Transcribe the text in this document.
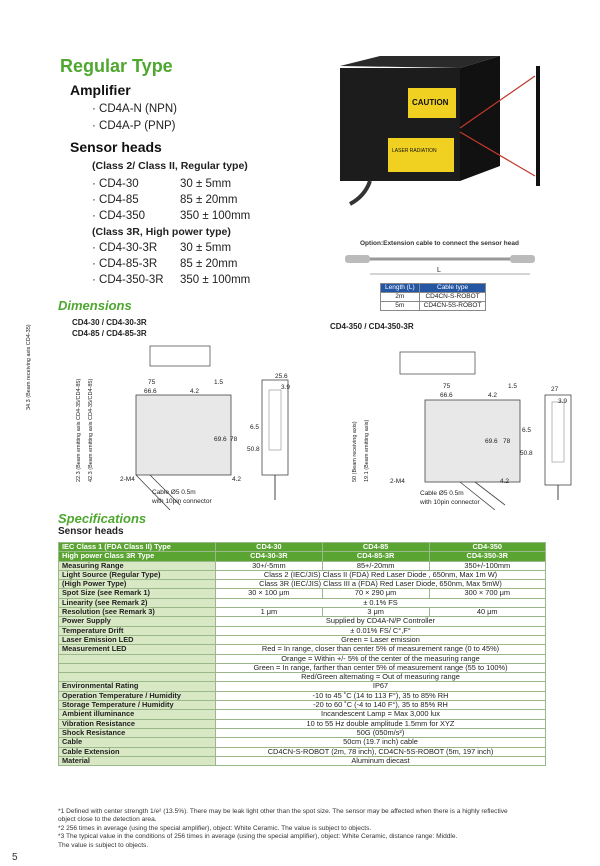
Regular Type
Amplifier
· CD4A-N (NPN)
· CD4A-P (PNP)
Sensor heads
(Class 2/ Class II, Regular type)
· CD4-30	30 ± 5mm
· CD4-85	85 ± 20mm
· CD4-350	350 ± 100mm
(Class 3R, High power type)
· CD4-30-3R 30 ± 5mm
· CD4-85-3R 85 ± 20mm
· CD4-350-3R 350 ± 100mm
CAUTION
LASER RADIATION
Option:Extension cable to connect the sensor head
L
Length (L)	Cable type
2m	CD4CN-S-ROBOT
5m	CD4CN-5S-ROBOT
Dimensions
CD4-30 / CD4-30-3R
CD4-85 / CD4-85-3R
CD4-350 / CD4-350-3R
75
66.6	4.2
1.5
25.6
3.9
6.5
69.6 78
50.8
2-M4	4.2
34.3 (Beam receiving axis CD4-35)
22.3 (Beam emitting axis CD4-35/CD4-85) 42.3 (Beam emitting axis CD4-35/CD4-85)
Cable Ø5 0.5m
with 10pin connector
75
66.6	4.2
1.5	27
3.9
6.5
69.6 78
50.8
2-M4	4.2
50 (Beam receiving axis) 19.1 (Beam emitting axis)
Cable Ø5 0.5m
with 10pin connector
Specifications
Sensor heads
IEC Class 1 (FDA Class II) Type	CD4-30	CD4-85	CD4-350
High power Class 3R Type	CD4-30-3R	CD4-85-3R	CD4-350-3R
Measuring Range	30+/-5mm	85+/-20mm	350+/-100mm
Light Source (Regular Type)	Class 2 (IEC/JIS) Class II (FDA) Red Laser Diode , 650nm, Max 1m W)		
(High Power Type)	Class 3R (IEC/JIS) Class III a (FDA) Red Laser Diode, 650nm, Max 5mW)		
Spot Size (see Remark 1)	30 × 100 μm	70 × 290 μm	300 × 700 μm
Linearity (see Remark 2)	± 0.1% FS		
Resolution (see Remark 3)	1 μm	3 μm	40 μm
Power Supply	Supplied by CD4A-N/P Controller		
Temperature Drift	± 0.01% FS/ C°,F°		
Laser Emission LED	Green = Laser emission		
Measurement LED	Red = In range, closer than center 5% of measurement range (0 to 45%)		
	Orange = Within +/- 5% of the center of the measuring range		
	Green = In range, farther than center 5% of measurement range (55 to 100%)		
	Red/Green alternating = Out of measuring range		
Environmental Rating	IP67		
Operation Temperature / Humidity	-10 to 45 ˚C (14 to 113 F°), 35 to 85% RH		
Storage Temperature / Humidity	-20 to 60 ˚C (-4 to 140 F°), 35 to 85% RH		
Ambient illuminance	Incandescent Lamp = Max 3,000 lux		
Vibration Resistance	10 to 55 Hz double amplitude 1.5mm for XYZ		
Shock Resistance	50G (050m/s²)		
Cable	50cm (19.7 inch) cable		
Cable Extension	CD4CN-S-ROBOT (2m, 78 inch), CD4CN-5S-ROBOT (5m, 197 inch)		
Material	Aluminum diecast		
*1 Defined with center strength 1/e² (13.5%). There may be leak light other than the spot size. The sensor may be affected when there is a highly reflective
object close to the detection area.
*2 256 times in average (using the special amplifier), object: White Ceramic. The value is subject to objects.
*3 The typical value in the conditions of 256 times in average (using the special amplifier), object: White Ceramic, distance range: Middle.
The value is subject to objects.
5
